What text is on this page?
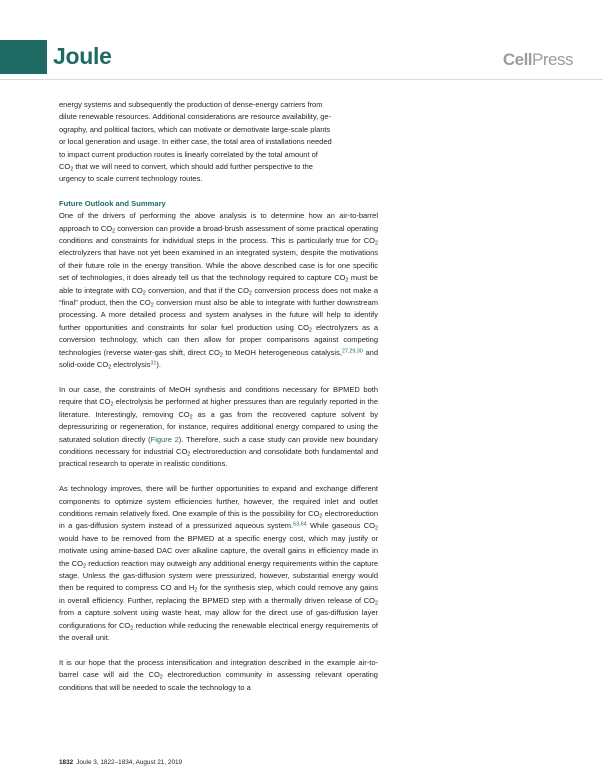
Joule	CellPress

energy systems and subsequently the production of dense-energy carriers from

dilute renewable resources. Additional considerations are resource availability, ge-

ography, and political factors, which can motivate or demotivate large-scale plants

or local generation and usage. In either case, the total area of installations needed

to impact current production routes is linearly correlated by the total amount of

$CO_2$ that we will need to convert, which should add further perspective to the

urgency to scale current technology routes.

Future Outlook and Summary

One of the drivers of performing the above analysis is to determine how an air-to-barrel approach to $CO_2$ conversion can provide a broad-brush assessment of some practical operating conditions and constraints for individual steps in the process. This is particularly true for $CO_2$ electrolyzers that have not yet been examined in an integrated system, despite the motivations of their future role in the energy transition. While the above described case is for one specific set of technologies, it does already tell us that the technology required to capture $CO_2$ must be able to integrate with $CO_2$ conversion, and that if the $CO_2$ conversion process does not make a “final” product, then the $CO_2$ conversion must also be able to integrate with further downstream processing. A more detailed process and system analyses in the future will help to identify further opportunities and constraints for solar fuel production using $CO_2$ electrolyzers as a conversion technology, which can then allow for proper comparisons against competing technologies (reverse water-gas shift, direct $CO_2$ to MeOH heterogeneous catalysis,$^{27,29,30}$ and solid-oxide $CO_2$ electrolysis$^{31}$).

In our case, the constraints of MeOH synthesis and conditions necessary for BPMED both require that $CO_2$ electrolysis be performed at higher pressures than are regularly reported in the literature. Interestingly, removing $CO_2$ as a gas from the recovered capture solvent by depressurizing or regeneration, for instance, requires additional energy compared to using the saturated solution directly (Figure 2). Therefore, such a case study can provide new boundary conditions necessary for industrial $CO_2$ electroreduction and consolidate both fundamental and practical research to operate in realistic conditions.

As technology improves, there will be further opportunities to expand and exchange different components to optimize system efficiencies further, however, the required inlet and outlet conditions remain relatively fixed. One example of this is the possibility for $CO_2$ electroreduction in a gas-diffusion system instead of a pressurized aqueous system.$^{63,64}$ While gaseous $CO_2$ would have to be removed from the BPMED at a specific energy cost, which may justify or motivate using amine-based DAC over alkaline capture, the overall gains in efficiency made in the $CO_2$ reduction reaction may outweigh any additional energy requirements within the capture stage. Unless the gas-diffusion system were pressurized, however, substantial energy would then be required to compress CO and $H_2$ for the synthesis step, which could remove any gains in overall efficiency. Further, replacing the BPMED step with a thermally driven release of $CO_2$ from a capture solvent using waste heat, may allow for the direct use of gas-diffusion layer configurations for $CO_2$ reduction while reducing the renewable electrical energy requirements of the overall unit.

It is our hope that the process intensification and integration described in the example air-to-barrel case will aid the $CO_2$ electroreduction community in assessing relevant operating conditions that will be needed to scale the technology to a

1832 Joule 3, 1822–1834, August 21, 2019
